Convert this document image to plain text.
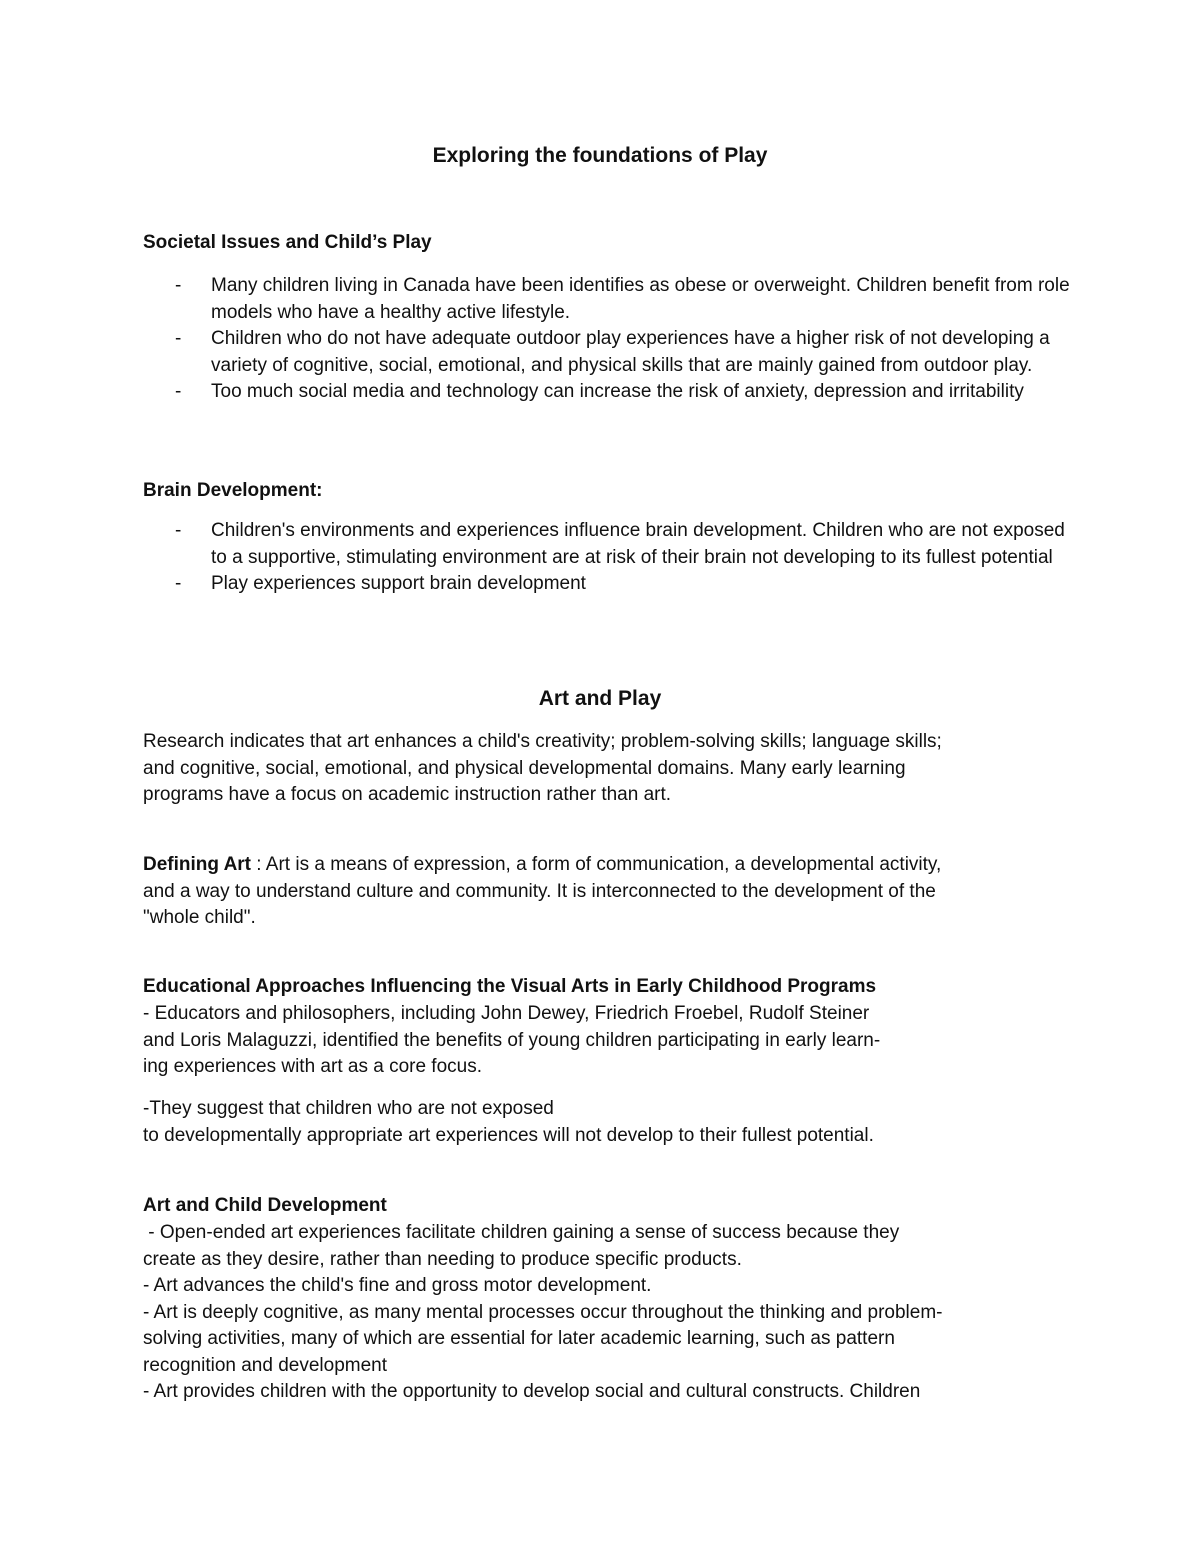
Exploring the foundations of Play
Societal Issues and Child’s Play
- Many children living in Canada have been identifies as obese or overweight. Children benefit from role models who have a healthy active lifestyle.
- Children who do not have adequate outdoor play experiences have a higher risk of not developing a variety of cognitive, social, emotional, and physical skills that are mainly gained from outdoor play.
- Too much social media and technology can increase the risk of anxiety, depression and irritability
Brain Development:
- Children's environments and experiences influence brain development. Children who are not exposed to a supportive, stimulating environment are at risk of their brain not developing to its fullest potential
- Play experiences support brain development
Art and Play
Research indicates that art enhances a child's creativity; problem-solving skills; language skills;
and cognitive, social, emotional, and physical developmental domains. Many early learning
programs have a focus on academic instruction rather than art.
Defining Art : Art is a means of expression, a form of communication, a developmental activity,
and a way to understand culture and community. It is interconnected to the development of the
"whole child".
Educational Approaches Influencing the Visual Arts in Early Childhood Programs
- Educators and philosophers, including John Dewey, Friedrich Froebel, Rudolf Steiner
and Loris Malaguzzi, identified the benefits of young children participating in early learn-
ing experiences with art as a core focus.
-They suggest that children who are not exposed
to developmentally appropriate art experiences will not develop to their fullest potential.
Art and Child Development
- Open-ended art experiences facilitate children gaining a sense of success because they
create as they desire, rather than needing to produce specific products.
- Art advances the child's fine and gross motor development.
- Art is deeply cognitive, as many mental processes occur throughout the thinking and problem-
solving activities, many of which are essential for later academic learning, such as pattern
recognition and development
- Art provides children with the opportunity to develop social and cultural constructs. Children
